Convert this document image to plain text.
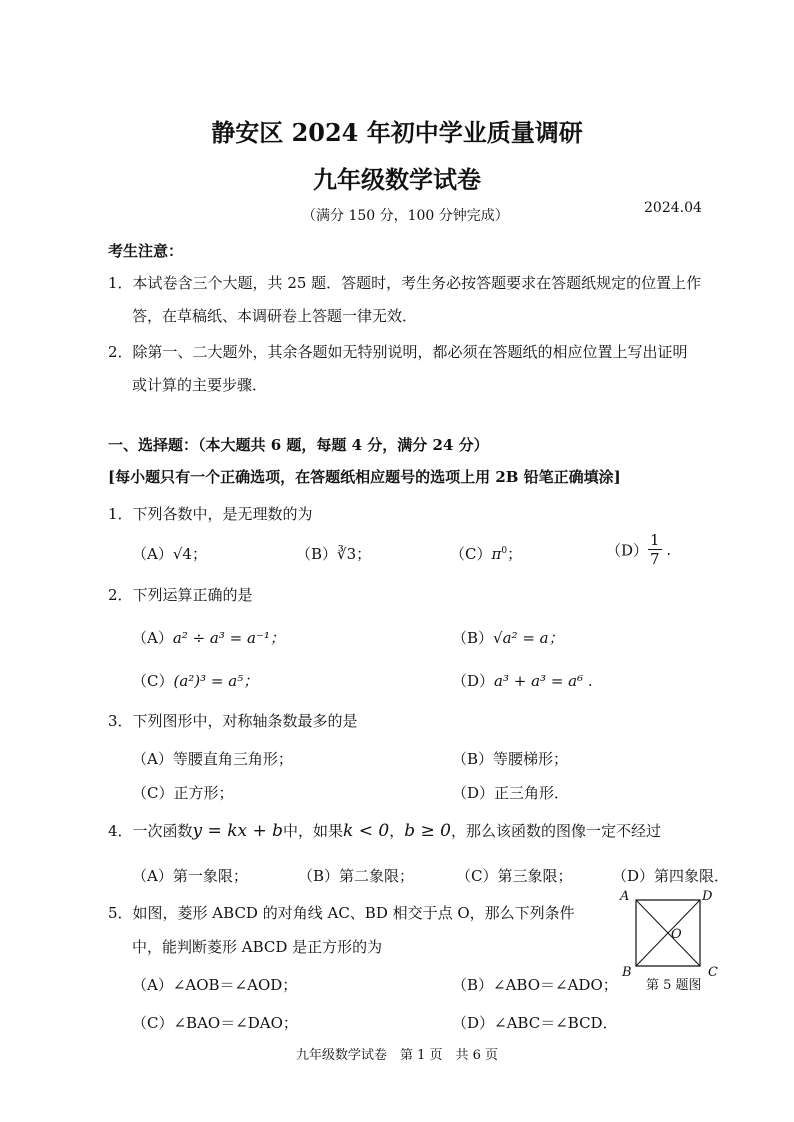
静安区 2024 年初中学业质量调研
九年级数学试卷
（满分 150 分，100 分钟完成）	2024.04
考生注意：
1．本试卷含三个大题，共 25 题．答题时，考生务必按答题要求在答题纸规定的位置上作
答，在草稿纸、本调研卷上答题一律无效．
2．除第一、二大题外，其余各题如无特别说明，都必须在答题纸的相应位置上写出证明
或计算的主要步骤．
一、选择题：（本大题共 6 题，每题 4 分，满分 24 分）
[每小题只有一个正确选项，在答题纸相应题号的选项上用 2B 铅笔正确填涂]
1．下列各数中，是无理数的为
（A）√4；	（B）∛3；	$(C)\pi^0$；	$(D) \frac{1}{7}$ .
2．下列运算正确的是
（A）a² ÷ a³ = a⁻¹；	（B）√a² = a；
（C）(a²)³ = a⁵；	（D）a³ + a³ = a⁶ .
3．下列图形中，对称轴条数最多的是
（A）等腰直角三角形；	（B）等腰梯形；
（C）正方形；	（D）正三角形．
4．一次函数y = kx + b中，如果k < 0，b ≥ 0，那么该函数的图像一定不经过
（A）第一象限；	（B）第二象限；	（C）第三象限；	（D）第四象限．
5．如图，菱形 ABCD 的对角线 AC、BD 相交于点 O，那么下列条件
中，能判断菱形 ABCD 是正方形的为
（A）∠AOB＝∠AOD；	（B）∠ABO＝∠ADO；
（C）∠BAO＝∠DAO；	（D）∠ABC＝∠BCD．
A	D
B	C
O
第 5 题图
九年级数学试卷　第 1 页　共 6 页
